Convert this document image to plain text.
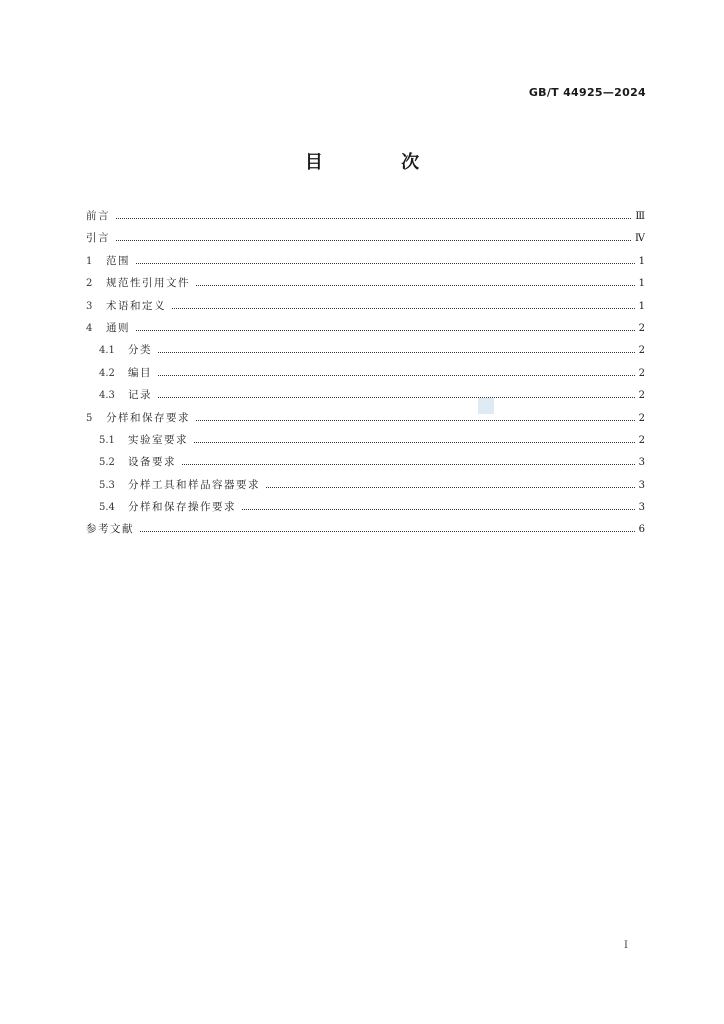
GB/T 44925—2024
目 次
前言	Ⅲ
引言	Ⅳ
1	范围	1
2	规范性引用文件	1
3	术语和定义	1
4	通则	2
4.1	分类	2
4.2	编目	2
4.3	记录	2
5	分样和保存要求	2
5.1	实验室要求	2
5.2	设备要求	3
5.3	分样工具和样品容器要求	3
5.4	分样和保存操作要求	3
参考文献	6
I
